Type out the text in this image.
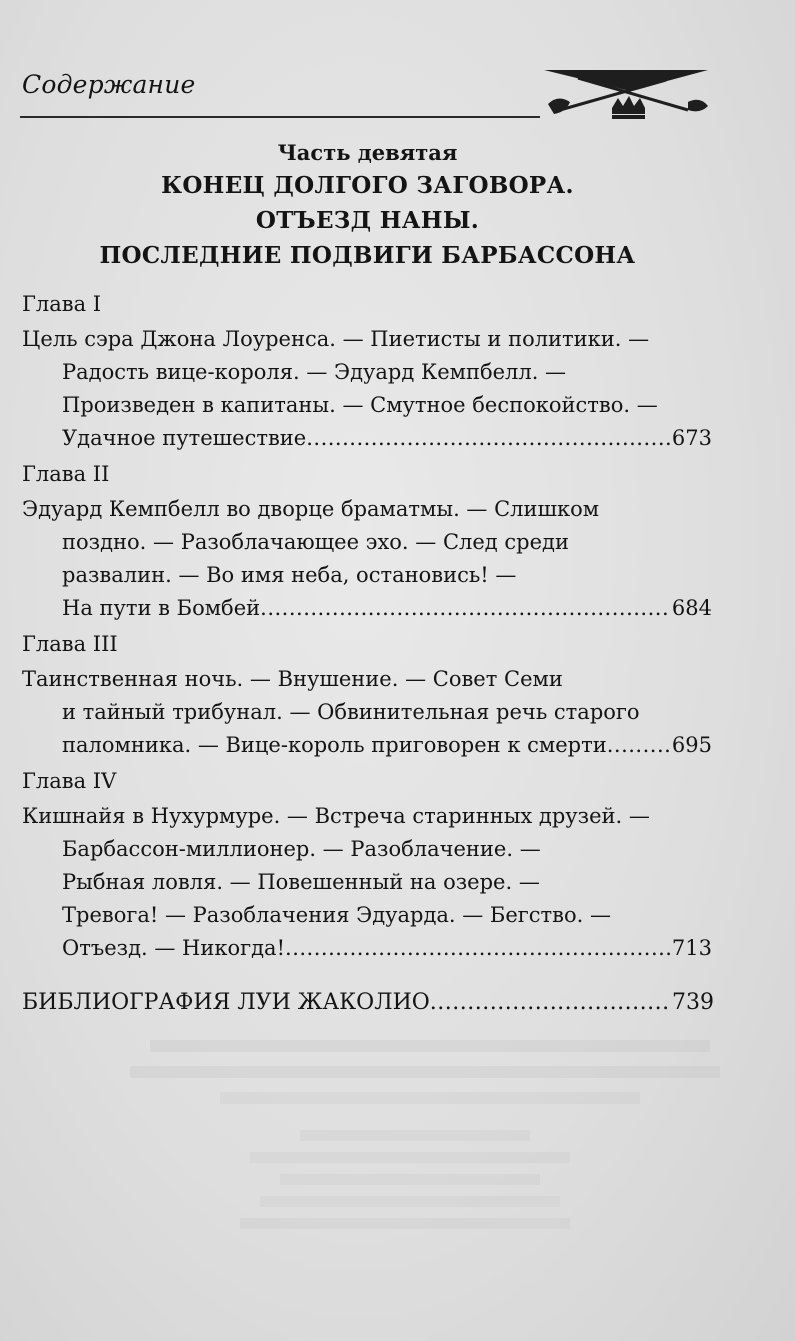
Содержание
Часть девятая
КОНЕЦ ДОЛГОГО ЗАГОВОРА.
ОТЪЕЗД НАНЫ.
ПОСЛЕДНИЕ ПОДВИГИ БАРБАССОНА
Глава I
Цель сэра Джона Лоуренса. — Пиетисты и политики. —
Радость вице-короля. — Эдуард Кемпбелл. —
Произведен в капитаны. — Смутное беспокойство. —
Удачное путешествие .....	673
Глава II
Эдуард Кемпбелл во дворце браматмы. — Слишком
поздно. — Разоблачающее эхо. — След среди
развалин. — Во имя неба, остановись! —
На пути в Бомбей .....	684
Глава III
Таинственная ночь. — Внушение. — Совет Семи
и тайный трибунал. — Обвинительная речь старого
паломника. — Вице-король приговорен к смерти .....	695
Глава IV
Кишнайя в Нухурмуре. — Встреча старинных друзей. —
Барбассон-миллионер. — Разоблачение. —
Рыбная ловля. — Повешенный на озере. —
Тревога! — Разоблачения Эдуарда. — Бегство. —
Отъезд. — Никогда! .....	713
БИБЛИОГРАФИЯ ЛУИ ЖАКОЛИО .....	739
